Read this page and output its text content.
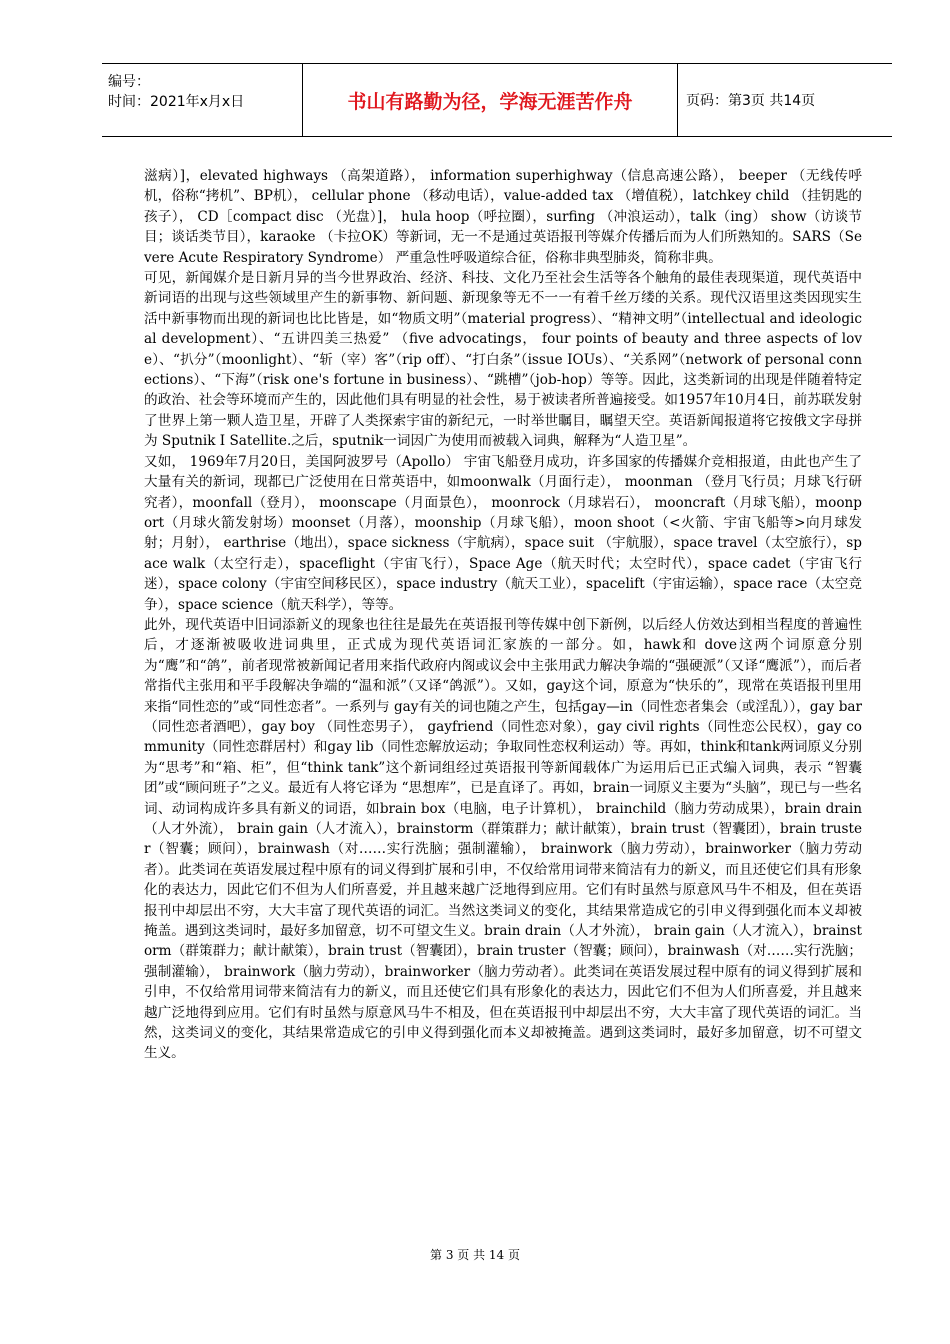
编号：
时间：2021年x月x日	书山有路勤为径，学海无涯苦作舟	页码：第3页 共14页

滋病）]，elevated highways （高架道路）， information superhighway（信息高速公路）， beeper （无线传呼机，俗称“拷机”、BP机）， cellular phone （移动电话），value-added tax （增值税），latchkey child （挂钥匙的孩子）， CD［compact disc （光盘）]， hula hoop（呼拉圈），surfing （冲浪运动），talk（ing） show（访谈节目；谈话类节目），karaoke （卡拉OK）等新词，无一不是通过英语报刊等媒介传播后而为人们所熟知的。SARS（Severe Acute Respiratory Syndrome） 严重急性呼吸道综合征，俗称非典型肺炎，简称非典。

可见，新闻媒介是日新月异的当今世界政治、经济、科技、文化乃至社会生活等各个触角的最佳表现渠道，现代英语中新词语的出现与这些领域里产生的新事物、新问题、新现象等无不一一有着千丝万缕的关系。现代汉语里这类因现实生活中新事物而出现的新词也比比皆是，如“物质文明”（material progress）、“精神文明”（intellectual and ideological development）、“五讲四美三热爱” （five advocatings， four points of beauty and three aspects of love）、“扒分”（moonlight）、“斩（宰）客”（rip off）、“打白条”（issue IOUs）、“关系网”（network of personal connections）、“下海”（risk one's fortune in business）、“跳槽”（job-hop）等等。因此，这类新词的出现是伴随着特定的政治、社会等环境而产生的，因此他们具有明显的社会性，易于被读者所普遍接受。如1957年10月4日，前苏联发射了世界上第一颗人造卫星，开辟了人类探索宇宙的新纪元，一时举世瞩目，瞩望天空。英语新闻报道将它按俄文字母拼为 Sputnik I Satellite.之后，sputnik一词因广为使用而被载入词典，解释为“人造卫星”。

又如， 1969年7月20日，美国阿波罗号（Apollo） 宇宙飞船登月成功，许多国家的传播媒介竞相报道，由此也产生了大量有关的新词，现都已广泛使用在日常英语中，如moonwalk（月面行走）， moonman （登月飞行员；月球飞行研究者），moonfall（登月）， moonscape（月面景色）， moonrock（月球岩石）， mooncraft（月球飞船），moonport（月球火箭发射场）moonset（月落），moonship（月球飞船），moon shoot（<火箭、宇宙飞船等>向月球发射；月射）， earthrise（地出），space sickness（宇航病），space suit （宇航服），space travel（太空旅行），space walk（太空行走），spaceflight（宇宙飞行），Space Age（航天时代；太空时代），space cadet（宇宙飞行迷），space colony（宇宙空间移民区），space industry（航天工业），spacelift（宇宙运输），space race（太空竞争），space science（航天科学），等等。

此外，现代英语中旧词添新义的现象也往往是最先在英语报刊等传媒中创下新例，以后经人仿效达到相当程度的普遍性后，才逐渐被吸收进词典里，正式成为现代英语词汇家族的一部分。如，hawk和 dove这两个词原意分别为“鹰”和“鸽”，前者现常被新闻记者用来指代政府内阁或议会中主张用武力解决争端的“强硬派”（又译“鹰派”），而后者常指代主张用和平手段解决争端的“温和派”（又译“鸽派”）。又如，gay这个词，原意为“快乐的”，现常在英语报刊里用来指“同性恋的”或“同性恋者”。一系列与 gay有关的词也随之产生，包括gay—in（同性恋者集会（或淫乱）），gay bar（同性恋者酒吧），gay boy （同性恋男子）， gayfriend（同性恋对象），gay civil rights（同性恋公民权），gay community（同性恋群居村）和gay lib（同性恋解放运动；争取同性恋权利运动）等。再如，think和tank两词原义分别为“思考”和“箱、柜”，但“think tank”这个新词组经过英语报刊等新闻载体广为运用后已正式编入词典，表示 “智囊团”或“顾问班子”之义。最近有人将它译为 “思想库”，已是直译了。再如，brain一词原义主要为“头脑”，现已与一些名词、动词构成许多具有新义的词语，如brain box（电脑，电子计算机）， brainchild（脑力劳动成果），brain drain（人才外流）， brain gain（人才流入），brainstorm（群策群力；献计献策），brain trust（智囊团），brain truster（智囊；顾问），brainwash（对……实行洗脑；强制灌输）， brainwork（脑力劳动），brainworker（脑力劳动者）。此类词在英语发展过程中原有的词义得到扩展和引申，不仅给常用词带来简洁有力的新义，而且还使它们具有形象化的表达力，因此它们不但为人们所喜爱，并且越来越广泛地得到应用。它们有时虽然与原意风马牛不相及，但在英语报刊中却层出不穷，大大丰富了现代英语的词汇。当然这类词义的变化，其结果常造成它的引申义得到强化而本义却被掩盖。遇到这类词时，最好多加留意，切不可望文生义。brain drain（人才外流）， brain gain（人才流入），brainstorm（群策群力；献计献策），brain trust（智囊团），brain truster（智囊；顾问），brainwash（对……实行洗脑；强制灌输）， brainwork（脑力劳动），brainworker（脑力劳动者）。此类词在英语发展过程中原有的词义得到扩展和引申，不仅给常用词带来简洁有力的新义，而且还使它们具有形象化的表达力，因此它们不但为人们所喜爱，并且越来越广泛地得到应用。它们有时虽然与原意风马牛不相及，但在英语报刊中却层出不穷，大大丰富了现代英语的词汇。当然，这类词义的变化，其结果常造成它的引申义得到强化而本义却被掩盖。遇到这类词时，最好多加留意，切不可望文生义。

第 3 页 共 14 页
